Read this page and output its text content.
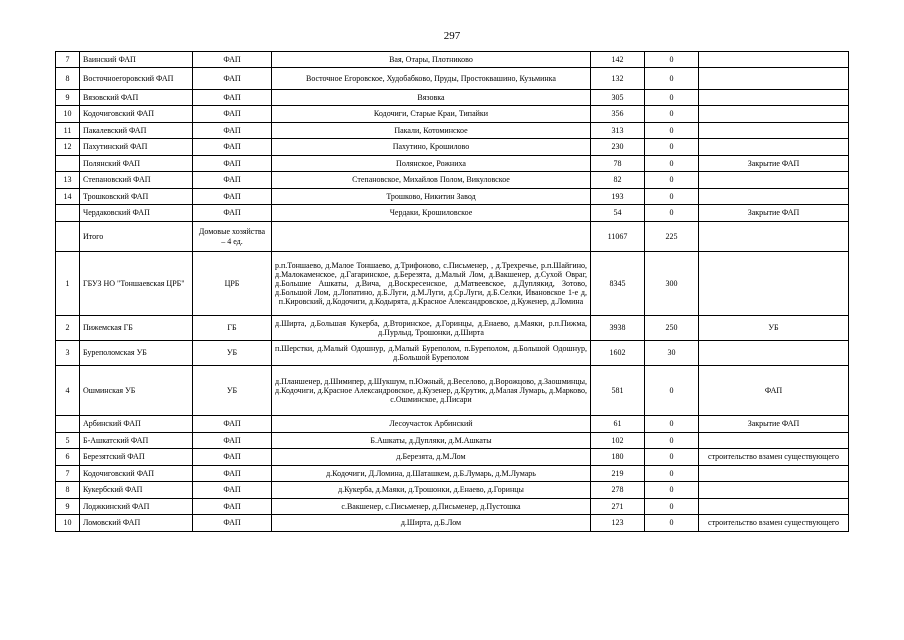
297
7	Ваинский ФАП	ФАП	Вая, Отары, Плотниково	142	0	
8	Восточноегоровский ФАП	ФАП	Восточное Егоровское, Худобабково, Пруды, Простоквашино, Кузьминка	132	0	
9	Вязовский ФАП	ФАП	Вязовка	305	0	
10	Кодочиговский ФАП	ФАП	Кодочиги, Старые Краи, Типайки	356	0	
11	Пакалевский ФАП	ФАП	Пакали, Котоминское	313	0	
12	Пахутинский ФАП	ФАП	Пахутино, Крошилово	230	0	
	Полянский ФАП	ФАП	Полянское, Рожниха	78	0	Закрытие ФАП
13	Степановский ФАП	ФАП	Степановское, Михайлов Полом, Викуловское	82	0	
14	Трошковский ФАП	ФАП	Трошково, Никитин Завод	193	0	
	Чердаковский ФАП	ФАП	Чердаки, Крошиловское	54	0	Закрытие ФАП
	Итого	Домовые хозяйства – 4 ед.		11067	225	
1	ГБУЗ НО "Тоншаевская ЦРБ"	ЦРБ	р.п.Тоншаево, д.Малое Тоншаево, д.Трифоново, с.Письменер, , д.Трехречье, р.п.Шайгино, д.Малокаменское, д.Гагаринское, д.Березята, д.Малый Лом, д.Вакшенер, д.Сухой Овраг, д.Большие Ашкаты, д.Вича, д.Воскресенское, д.Матвеевское, д.Дуплякид, Зотово, д.Большой Лом, д.Лопатино, д.Б.Луги, д.М.Луги, д.Ср.Луги, д.Б.Селки, Ивановское 1-е д, п.Кировский, д.Кодочиги, д.Кодырята, д.Красное Александровское, д.Куженер, д.Ломина	8345	300	
2	Пижемская ГБ	ГБ	д.Ширта, д.Большая Кукерба, д.Вторинское, д.Горинцы, д.Енаево, д.Маяки, р.п.Пижма, д.Пурлыд, Трошонки, д.Ширта	3938	250	УБ
3	Буреполомская УБ	УБ	п.Шерстки, д.Малый Одошнур, д.Малый Буреполом, п.Буреполом, д.Большой Одошнур, д.Большой Буреполом	1602	30	
4	Ошминская УБ	УБ	д.Планшенер, д.Шимипер, д.Шукшум, п.Южный, д.Веселово, д.Ворожцово, д.Заошминцы, д.Кодочиги, д.Красное Александровское, д.Кузенер, д.Крутик, д.Малая Лумарь, д.Марково, с.Ошминское, д.Писари	581	0	ФАП
	Арбинский ФАП	ФАП	Лесоучасток Арбинский	61	0	Закрытие ФАП
5	Б-Ашкатский ФАП	ФАП	Б.Ашкаты, д.Дупляки, д.М.Ашкаты	102	0	
6	Березятский ФАП	ФАП	д.Березята, д.М.Лом	180	0	строительство взамен существующего
7	Кодочиговский ФАП	ФАП	д.Кодочиги, Д.Ломина, д.Шаташкем, д.Б.Лумарь, д.М.Лумарь	219	0	
8	Кукербский ФАП	ФАП	д.Кукерба, д.Маяки, д.Трошонки, д.Енаево, д.Горинцы	278	0	
9	Лоджкинский ФАП	ФАП	с.Вакшенер, с.Письменер, д.Письменер, д.Пустошка	271	0	
10	Ломовский ФАП	ФАП	д.Ширта, д.Б.Лом	123	0	строительство взамен существующего
